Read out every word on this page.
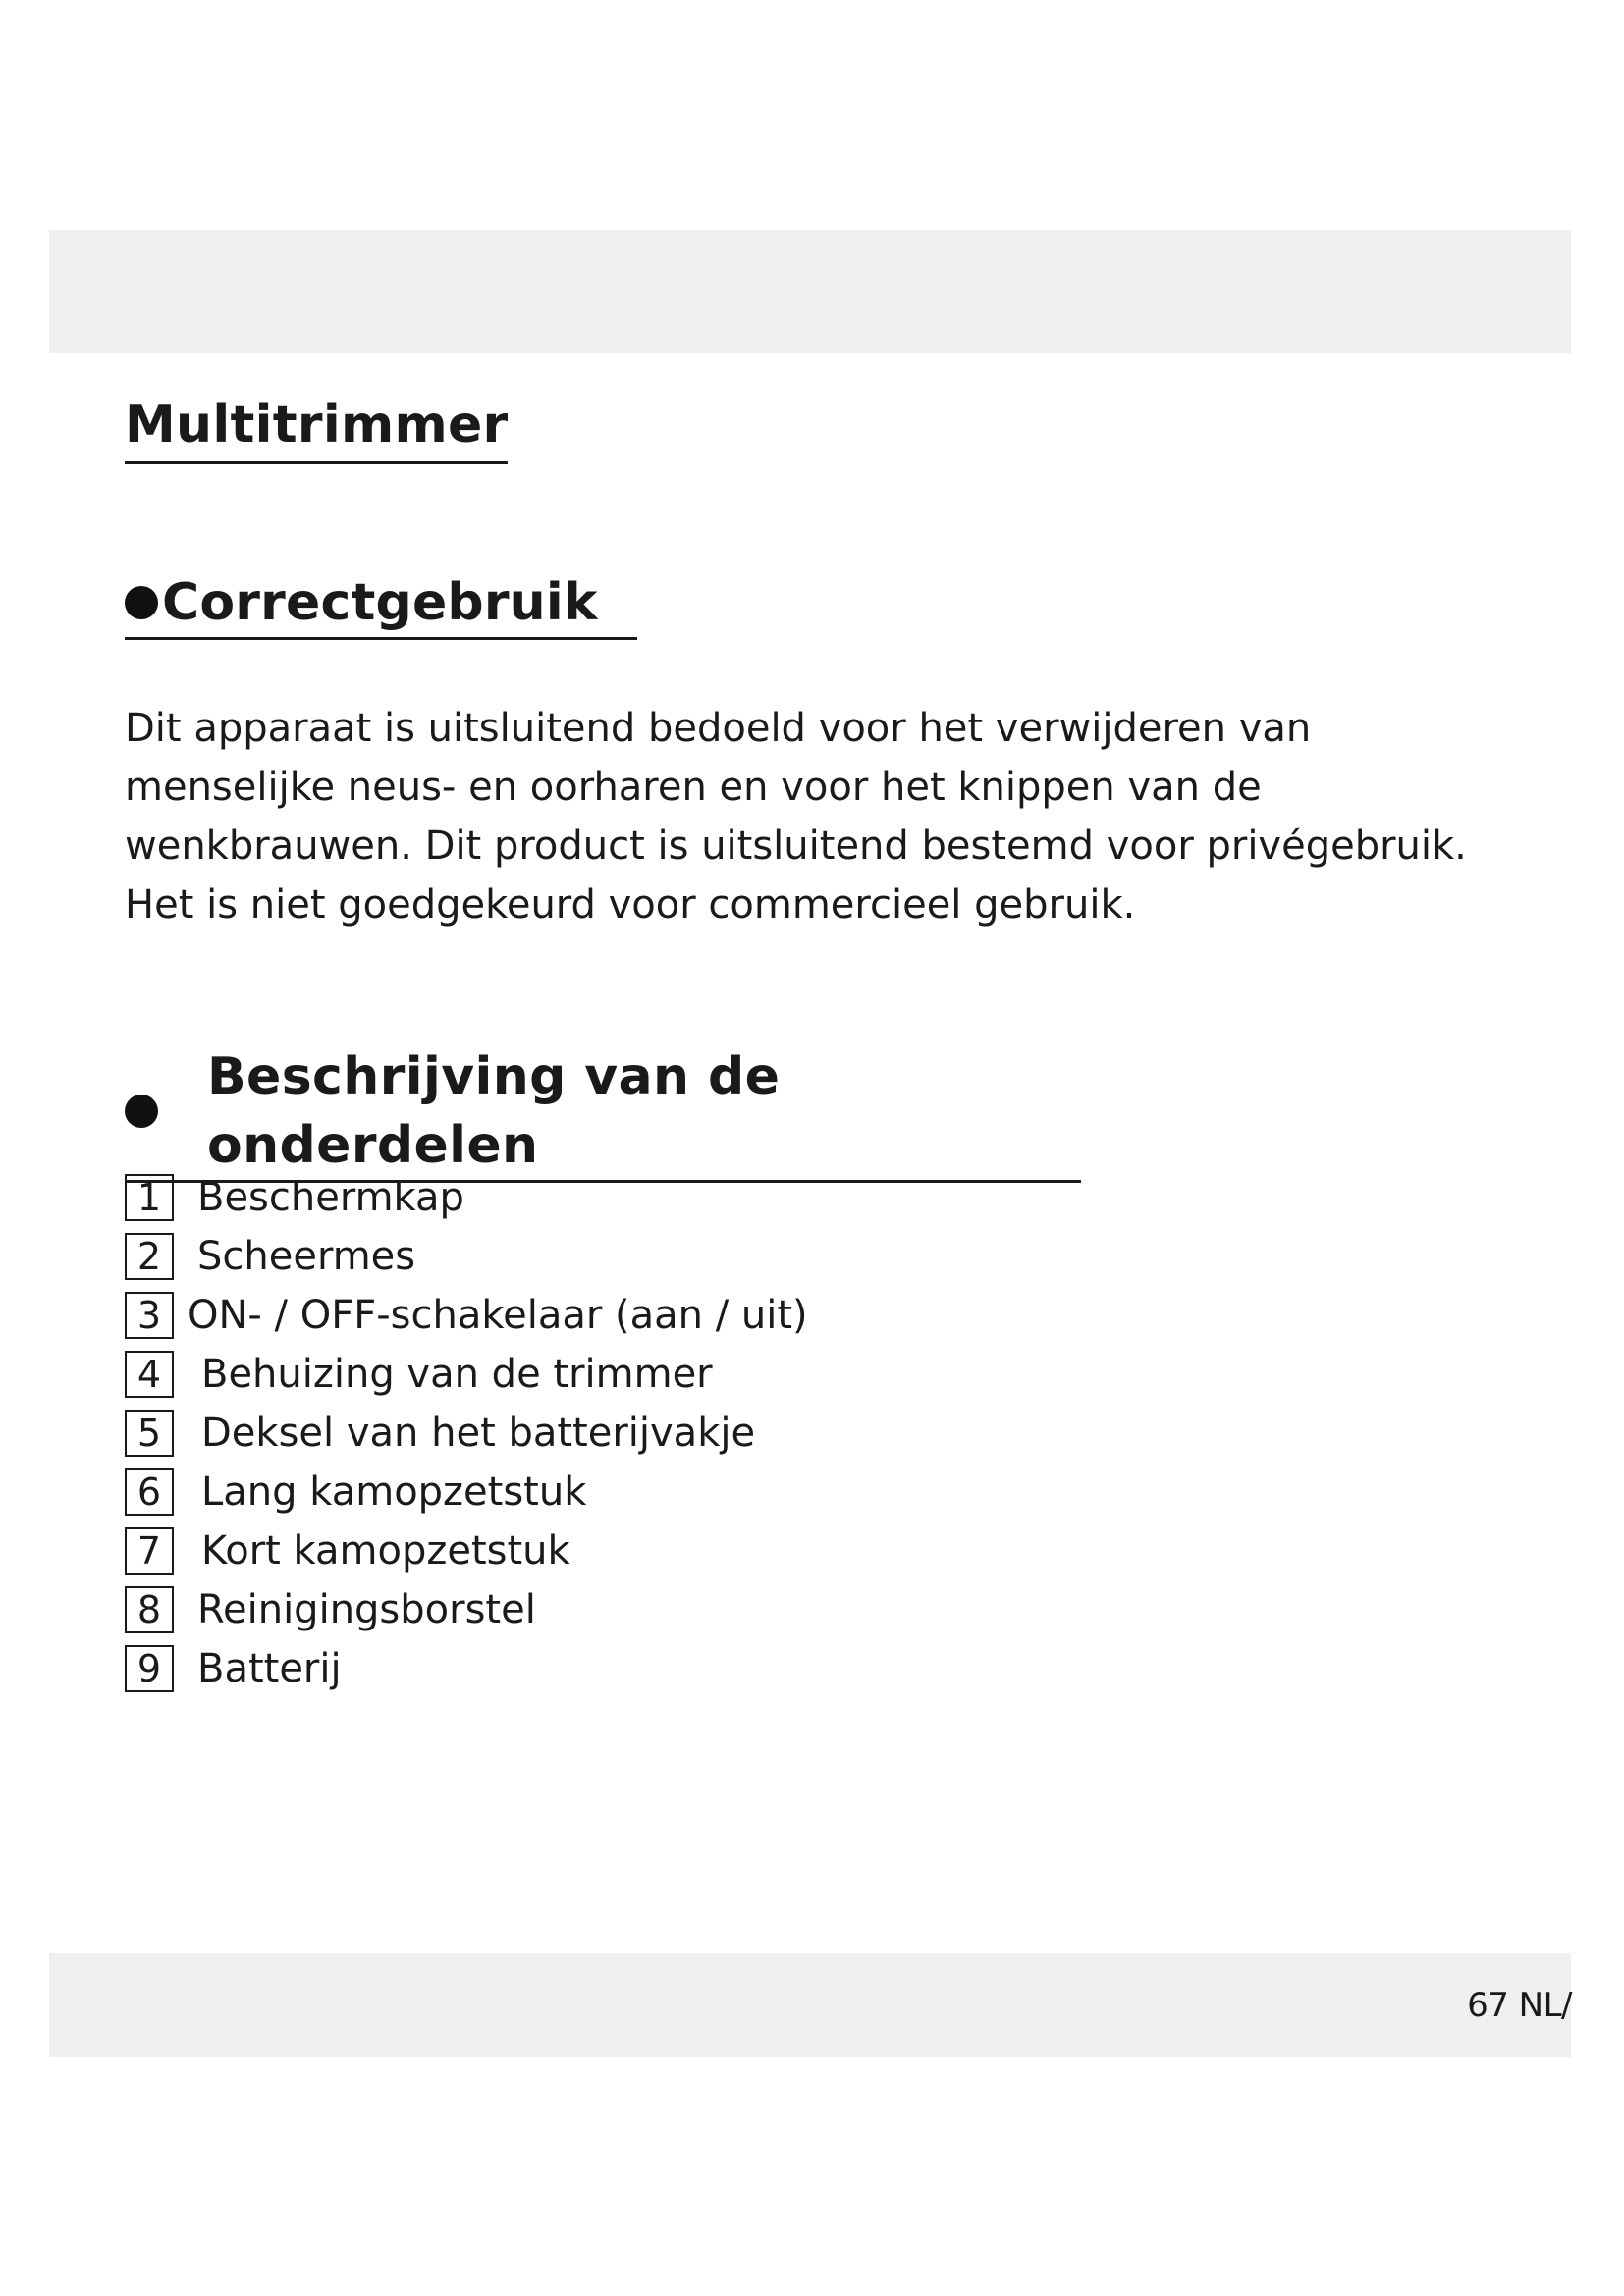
Multitrimmer
Correctgebruik

Dit apparaat is uitsluitend bedoeld voor het verwijderen van menselijke neus- en oorharen en voor het knippen van de wenkbrauwen. Dit product is uitsluitend bestemd voor privégebruik. Het is niet goedgekeurd voor commercieel gebruik.

Beschrijving van de onderdelen
1 Beschermkap
2 Scheermes
3 ON- / OFF-schakelaar (aan / uit)
4	Behuizing van de trimmer
5	Deksel van het batterijvakje
6	Lang kamopzetstuk
7	Kort kamopzetstuk
8 Reinigingsborstel
9 Batterij
67 NL/
